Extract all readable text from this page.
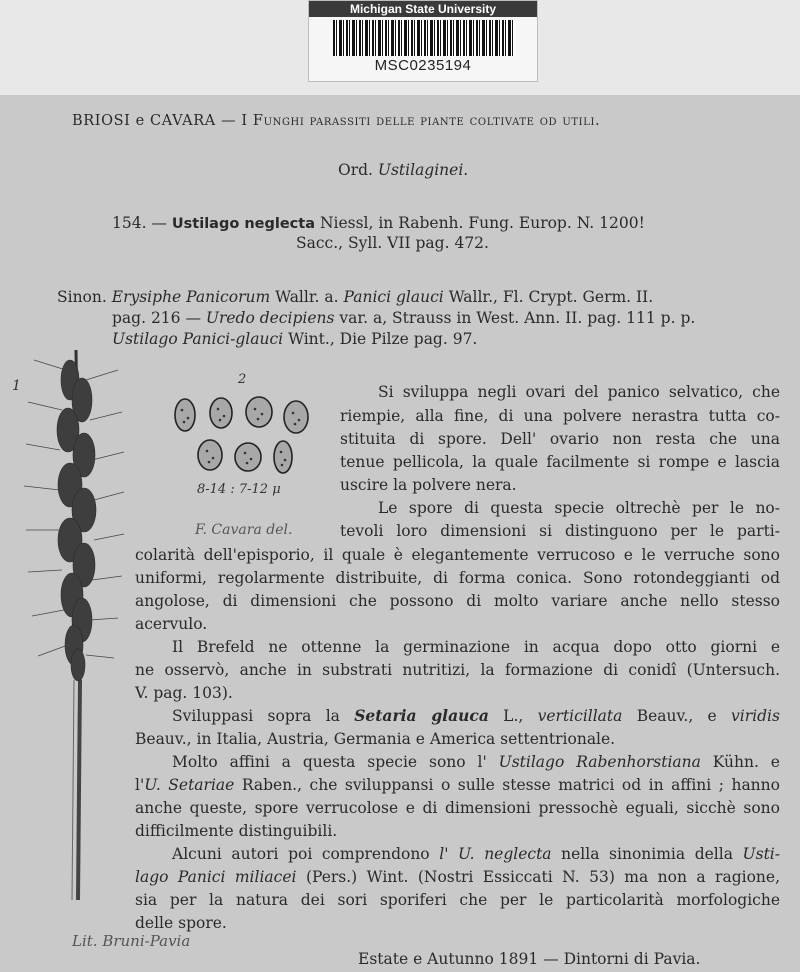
Michigan State University
MSC0235194
BRIOSI e CAVARA — I Funghi parassiti delle piante coltivate od utili.
Ord. Ustilaginei.
154. — Ustilago neglecta Niessl, in Rabenh. Fung. Europ. N. 1200!
Sacc., Syll. VII pag. 472.
Sinon. Erysiphe Panicorum Wallr. a. Panici glauci Wallr., Fl. Crypt. Germ. II.
pag. 216 — Uredo decipiens var. a, Strauss in West. Ann. II. pag. 111 p. p.
Ustilago Panici-glauci Wint., Die Pilze pag. 97.
1	2
8-14 : 7-12 μ
F. Cavara del.
Si sviluppa negli ovari del panico selvatico, che
riempie, alla fine, di una polvere nerastra tutta co-
stituita di spore. Dell' ovario non resta che una
tenue pellicola, la quale facilmente si rompe e lascia
uscire la polvere nera.
Le spore di questa specie oltrechè per le no-
tevoli loro dimensioni si distinguono per le parti-
colarità dell'episporio, il quale è elegantemente verrucoso e le verruche sono
uniformi, regolarmente distribuite, di forma conica. Sono rotondeggianti od
angolose, di dimensioni che possono di molto variare anche nello stesso
acervulo.
Il Brefeld ne ottenne la germinazione in acqua dopo otto giorni e
ne osservò, anche in substrati nutritizi, la formazione di conidî (Untersuch.
V. pag. 103).
Sviluppasi sopra la Setaria glauca L., verticillata Beauv., e viridis
Beauv., in Italia, Austria, Germania e America settentrionale.
Molto affini a questa specie sono l' Ustilago Rabenhorstiana Kühn. e
l'U. Setariae Raben., che sviluppansi o sulle stesse matrici od in affini ; hanno
anche queste, spore verrucolose e di dimensioni pressochè eguali, sicchè sono
difficilmente distinguibili.
Alcuni autori poi comprendono l' U. neglecta nella sinonimia della Usti-
lago Panici miliacei (Pers.) Wint. (Nostri Essiccati N. 53) ma non a ragione,
sia per la natura dei sori sporiferi che per le particolarità morfologiche
delle spore.
Lit. Bruni-Pavia
Estate e Autunno 1891 — Dintorni di Pavia.
